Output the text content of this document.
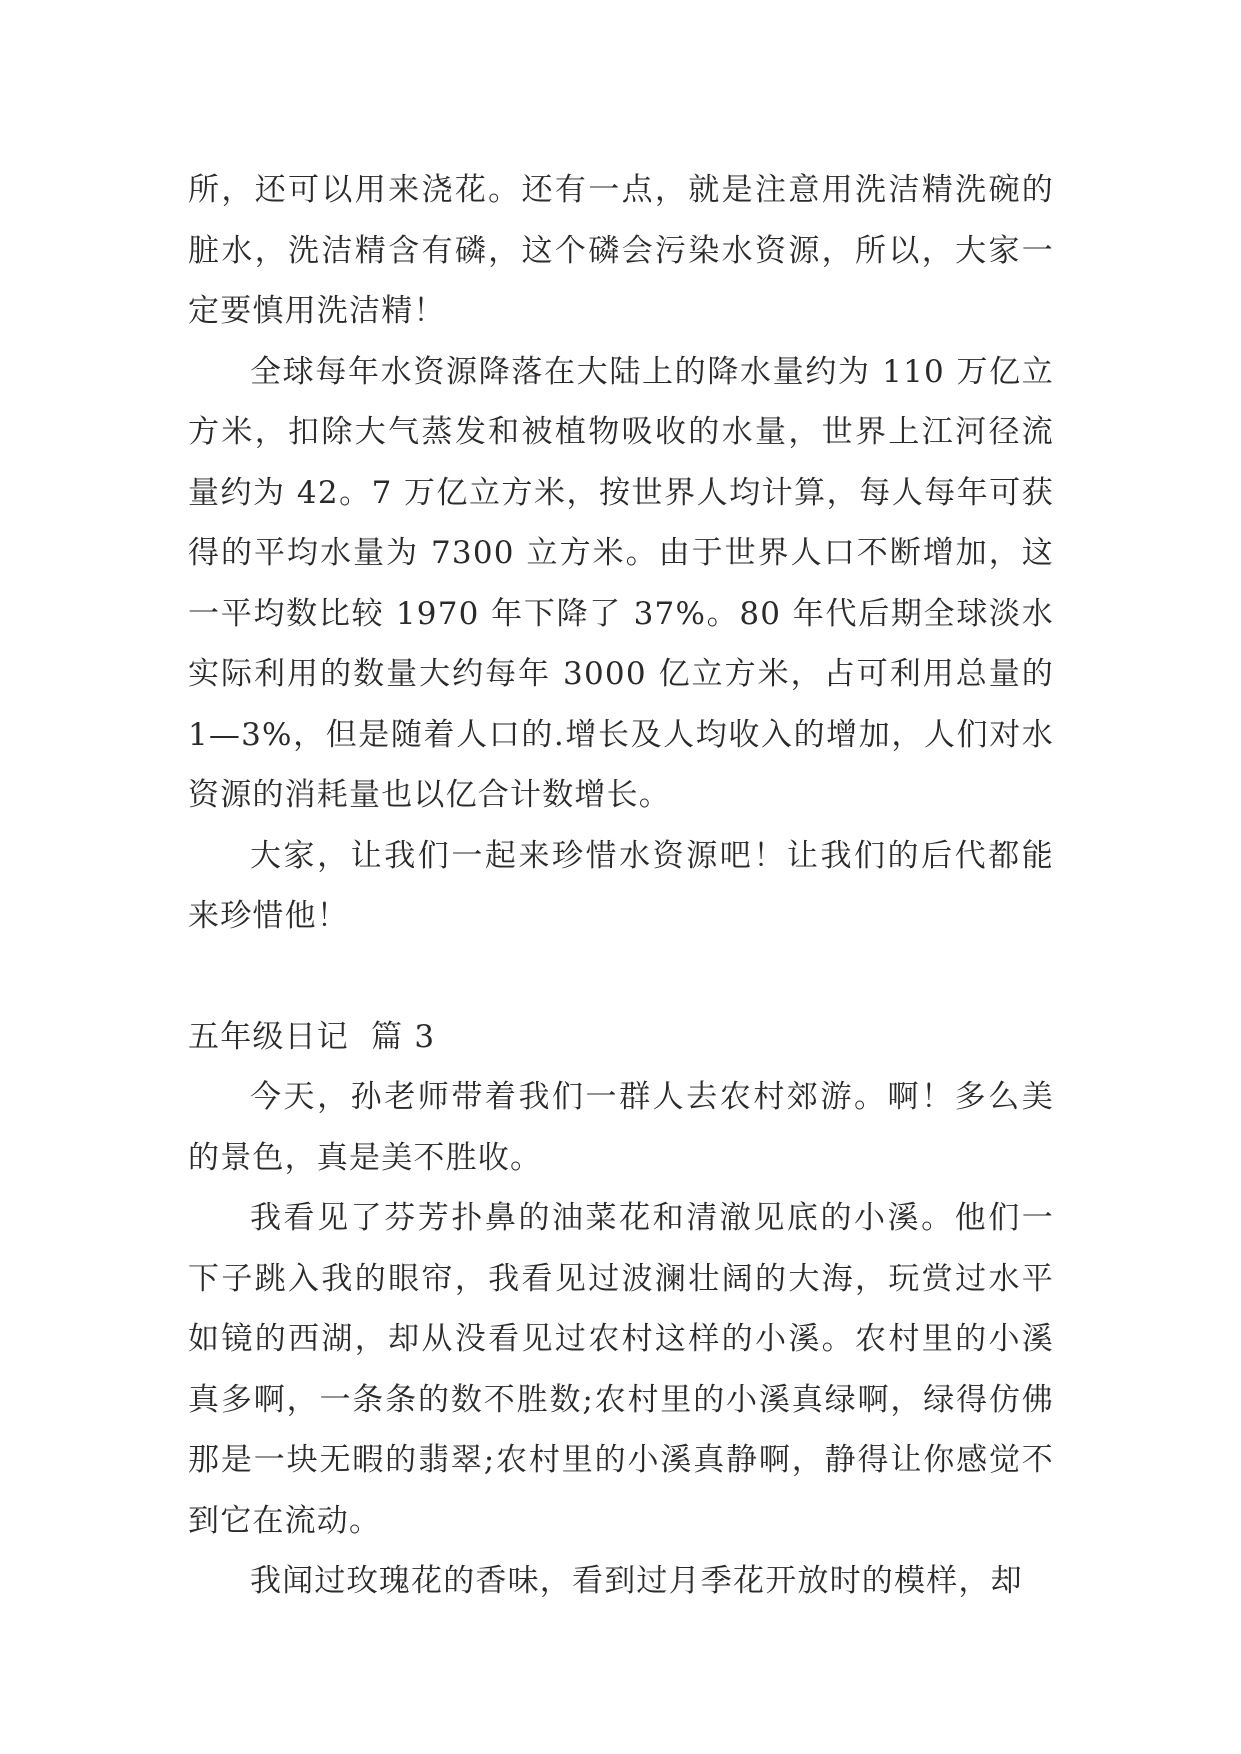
所，还可以用来浇花。还有一点，就是注意用洗洁精洗碗的脏水，洗洁精含有磷，这个磷会污染水资源，所以，大家一定要慎用洗洁精！

全球每年水资源降落在大陆上的降水量约为 110 万亿立方米，扣除大气蒸发和被植物吸收的水量，世界上江河径流量约为 42。7 万亿立方米，按世界人均计算，每人每年可获得的平均水量为 7300 立方米。由于世界人口不断增加，这一平均数比较 1970 年下降了 37%。80 年代后期全球淡水实际利用的数量大约每年 3000 亿立方米，占可利用总量的 1—3%，但是随着人口的.增长及人均收入的增加，人们对水资源的消耗量也以亿合计数增长。

大家，让我们一起来珍惜水资源吧！让我们的后代都能来珍惜他！

五年级日记  篇 3

今天，孙老师带着我们一群人去农村郊游。啊！多么美的景色，真是美不胜收。

我看见了芬芳扑鼻的油菜花和清澈见底的小溪。他们一下子跳入我的眼帘，我看见过波澜壮阔的大海，玩赏过水平如镜的西湖，却从没看见过农村这样的小溪。农村里的小溪真多啊，一条条的数不胜数;农村里的小溪真绿啊，绿得仿佛那是一块无暇的翡翠;农村里的小溪真静啊，静得让你感觉不到它在流动。

我闻过玫瑰花的香味，看到过月季花开放时的模样，却
